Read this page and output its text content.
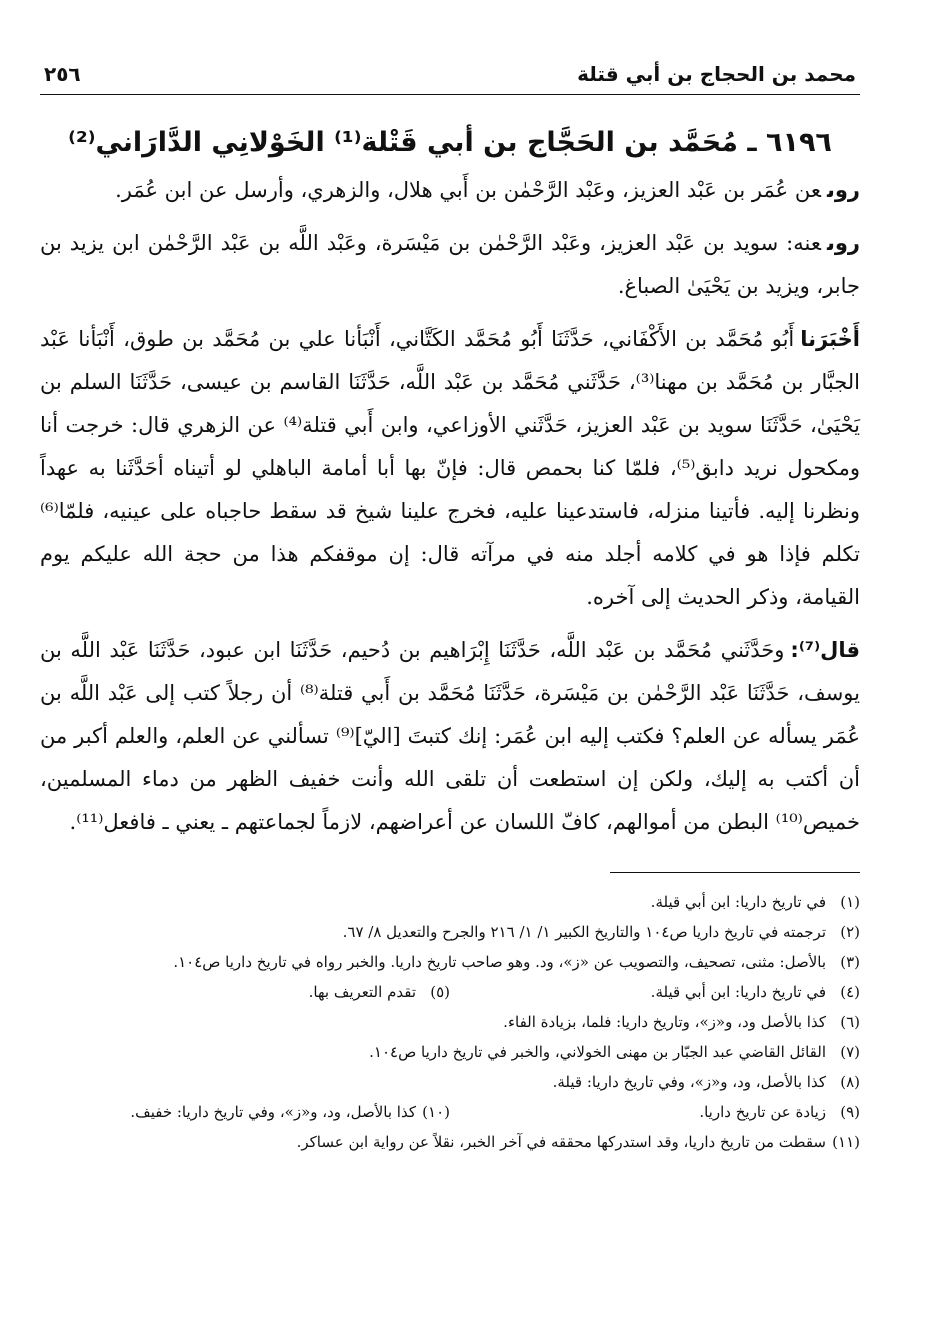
محمد بن الحجاج بن أبي قتلة
٢٥٦
٦١٩٦ ـ مُحَمَّد بن الحَجَّاج بن أبي قَتْلة⁽¹⁾ الخَوْلانِي الدَّارَاني⁽²⁾

روىعن عُمَر بن عَبْد العزيز، وعَبْد الرَّحْمٰن بن أَبي هلال، والزهري، وأرسل عن ابن عُمَر.

روىعنه: سويد بن عَبْد العزيز، وعَبْد الرَّحْمٰن بن مَيْسَرة، وعَبْد اللَّه بن عَبْد الرَّحْمٰن ابن يزيد بن جابر، ويزيد بن يَحْيَىٰ الصباغ.

أَخْبَرَناأَبُو مُحَمَّد بن الأَكْفَاني، حَدَّثَنَا أَبُو مُحَمَّد الكَتَّاني، أَنْبَأنا علي بن مُحَمَّد بن طوق، أَنْبَأنا عَبْد الجبَّار بن مُحَمَّد بن مهنا⁽³⁾، حَدَّثَني مُحَمَّد بن عَبْد اللَّه، حَدَّثَنَا القاسم بن عيسى، حَدَّثَنَا السلم بن يَحْيَىٰ، حَدَّثَنَا سويد بن عَبْد العزيز، حَدَّثَني الأوزاعي، وابن أَبي قتلة⁽⁴⁾ عن الزهري قال: خرجت أنا ومكحول نريد دابق⁽⁵⁾، فلمّا كنا بحمص قال: فإنّ بها أبا أمامة الباهلي لو أتيناه أحَدَّثَنا به عهداً ونظرنا إليه. فأتينا منزله، فاستدعينا عليه، فخرج علينا شيخ قد سقط حاجباه على عينيه، فلمّا⁽⁶⁾ تكلم فإذا هو في كلامه أجلد منه في مرآته قال: إن موقفكم هذا من حجة الله عليكم يوم القيامة، وذكر الحديث إلى آخره.

قال⁽⁷⁾:وحَدَّثَني مُحَمَّد بن عَبْد اللَّه، حَدَّثَنَا إِبْرَاهيم بن دُحيم، حَدَّثَنَا ابن عبود، حَدَّثَنَا عَبْد اللَّه بن يوسف، حَدَّثَنَا عَبْد الرَّحْمٰن بن مَيْسَرة، حَدَّثَنَا مُحَمَّد بن أَبي قتلة⁽⁸⁾ أن رجلاً كتب إلى عَبْد اللَّه بن عُمَر يسأله عن العلم؟ فكتب إليه ابن عُمَر: إنك كتبتَ [اليّ]⁽⁹⁾ تسألني عن العلم، والعلم أكبر من أن أكتب به إليك، ولكن إن استطعت أن تلقى الله وأنت خفيف الظهر من دماء المسلمين، خميص⁽¹⁰⁾ البطن من أموالهم، كافّ اللسان عن أعراضهم، لازماً لجماعتهم ـ يعني ـ فافعل⁽¹¹⁾.

(١)
في تاريخ داريا: ابن أبي قيلة.
(٢)
ترجمته في تاريخ داريا ص١٠٤ والتاريخ الكبير ١/ ١/ ٢١٦ والجرح والتعديل ٨/ ٦٧.
(٣)
بالأصل: مثنى، تصحيف، والتصويب عن «ز»، ود. وهو صاحب تاريخ داريا. والخبر رواه في تاريخ داريا ص١٠٤.
(٤)
في تاريخ داريا: ابن أبي قيلة.
(٥)
تقدم التعريف بها.
(٦)
كذا بالأصل ود، و«ز»، وتاريخ داريا: فلما، بزيادة الفاء.
(٧)
القائل القاضي عبد الجبّار بن مهنى الخولاني، والخبر في تاريخ داريا ص١٠٤.
(٨)
كذا بالأصل، ود، و«ز»، وفي تاريخ داريا: قيلة.
(٩)
زيادة عن تاريخ داريا.
(١٠)
كذا بالأصل، ود، و«ز»، وفي تاريخ داريا: خفيف.
(١١)
سقطت من تاريخ داريا، وقد استدركها محققه في آخر الخبر، نقلاً عن رواية ابن عساكر.
